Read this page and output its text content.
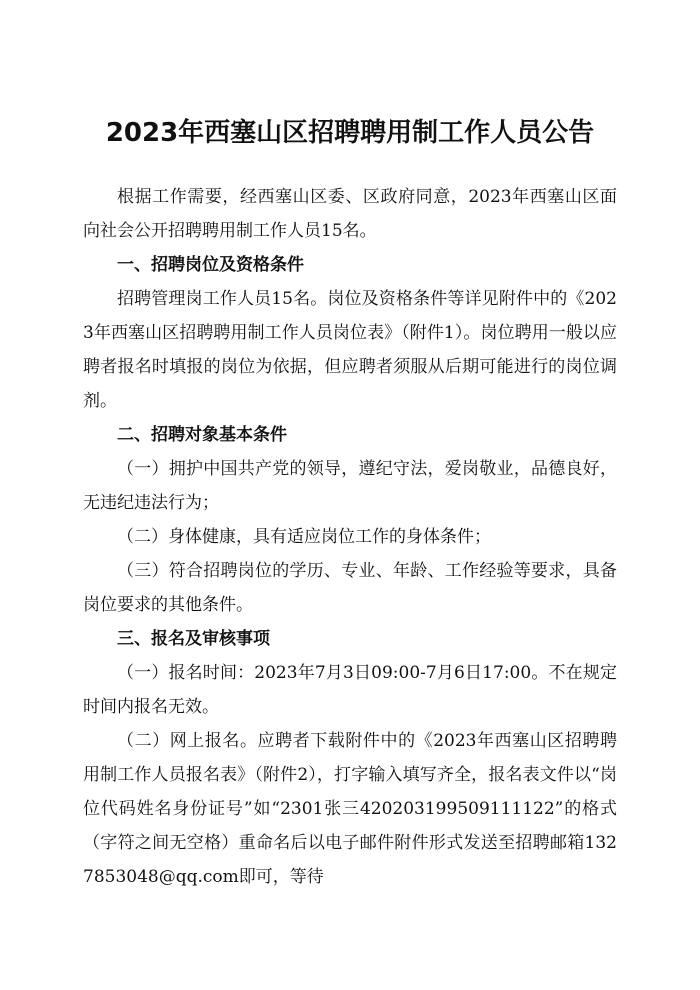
2023年西塞山区招聘聘用制工作人员公告

根据工作需要，经西塞山区委、区政府同意，2023年西塞山区面向社会公开招聘聘用制工作人员15名。

一、招聘岗位及资格条件

招聘管理岗工作人员15名。岗位及资格条件等详见附件中的《2023年西塞山区招聘聘用制工作人员岗位表》（附件1）。岗位聘用一般以应聘者报名时填报的岗位为依据，但应聘者须服从后期可能进行的岗位调剂。

二、招聘对象基本条件

（一）拥护中国共产党的领导，遵纪守法，爱岗敬业，品德良好，无违纪违法行为；

（二）身体健康，具有适应岗位工作的身体条件；

（三）符合招聘岗位的学历、专业、年龄、工作经验等要求，具备岗位要求的其他条件。

三、报名及审核事项

（一）报名时间：2023年7月3日09:00-7月6日17:00。不在规定时间内报名无效。

（二）网上报名。应聘者下载附件中的《2023年西塞山区招聘聘用制工作人员报名表》（附件2），打字输入填写齐全，报名表文件以“岗位代码姓名身份证号”如“2301张三420203199509111122”的格式（字符之间无空格）重命名后以电子邮件附件形式发送至招聘邮箱1327853048@qq.com即可，等待
